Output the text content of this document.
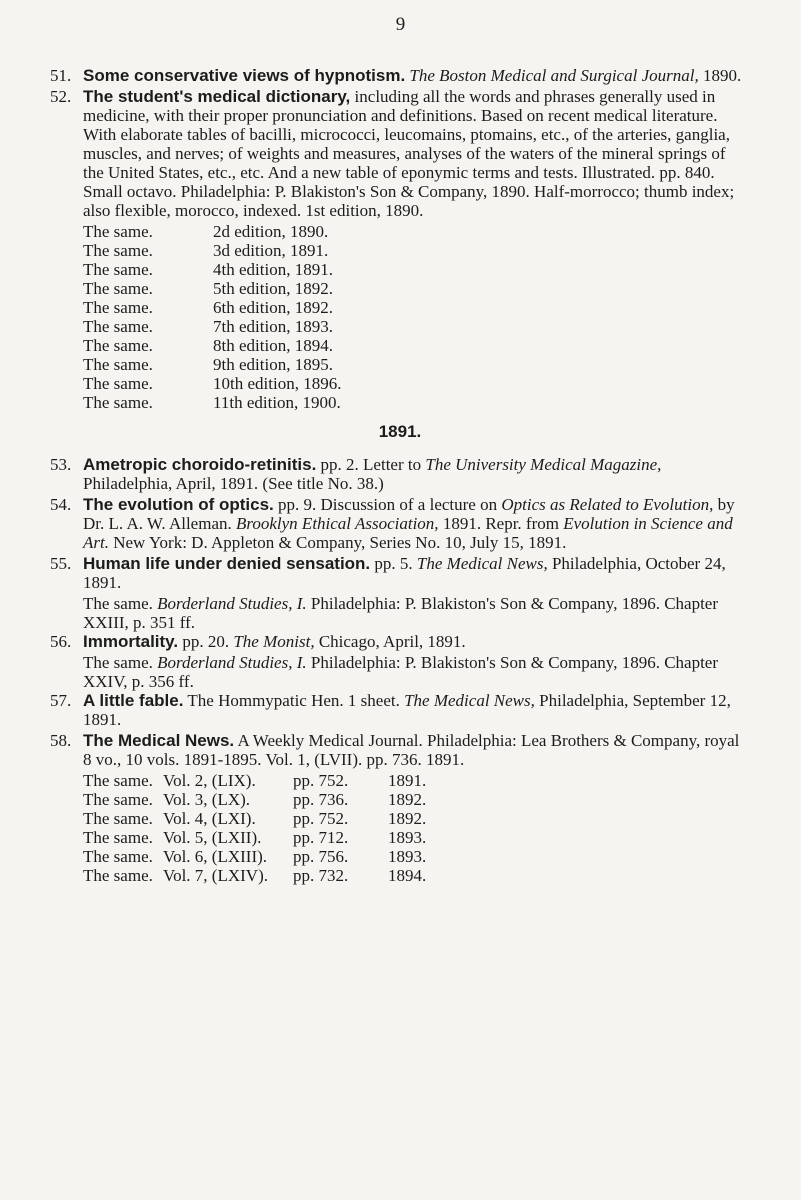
9
51. Some conservative views of hypnotism. The Boston Medical and Surgical Journal, 1890.
52. The student's medical dictionary, including all the words and phrases generally used in medicine, with their proper pronunciation and definitions. Based on recent medical literature. With elaborate tables of bacilli, micrococci, leucomains, ptomains, etc., of the arteries, ganglia, muscles, and nerves; of weights and measures, analyses of the waters of the mineral springs of the United States, etc., etc. And a new table of eponymic terms and tests. Illustrated. pp. 840. Small octavo. Philadelphia: P. Blakiston's Son & Company, 1890. Half-morrocco; thumb index; also flexible, morocco, indexed. 1st edition, 1890.
The same.	2d edition, 1890.
The same.	3d edition, 1891.
The same.	4th edition, 1891.
The same.	5th edition, 1892.
The same.	6th edition, 1892.
The same.	7th edition, 1893.
The same.	8th edition, 1894.
The same.	9th edition, 1895.
The same.	10th edition, 1896.
The same.	11th edition, 1900.
1891.
53. Ametropic choroido-retinitis. pp. 2. Letter to The University Medical Magazine, Philadelphia, April, 1891. (See title No. 38.)
54. The evolution of optics. pp. 9. Discussion of a lecture on Optics as Related to Evolution, by Dr. L. A. W. Alleman. Brooklyn Ethical Association, 1891. Repr. from Evolution in Science and Art. New York: D. Appleton & Company, Series No. 10, July 15, 1891.
55. Human life under denied sensation. pp. 5. The Medical News, Philadelphia, October 24, 1891.
The same. Borderland Studies, I. Philadelphia: P. Blakiston's Son & Company, 1896. Chapter XXIII, p. 351 ff.
56. Immortality. pp. 20. The Monist, Chicago, April, 1891.
The same. Borderland Studies, I. Philadelphia: P. Blakiston's Son & Company, 1896. Chapter XXIV, p. 356 ff.
57. A little fable. The Hommypatic Hen. 1 sheet. The Medical News, Philadelphia, September 12, 1891.
58. The Medical News. A Weekly Medical Journal. Philadelphia: Lea Brothers & Company, royal 8 vo., 10 vols. 1891-1895. Vol. 1, (LVII). pp. 736. 1891.
The same. Vol. 2, (LIX).	pp. 752.	1891.
The same. Vol. 3, (LX).	pp. 736.	1892.
The same. Vol. 4, (LXI).	pp. 752.	1892.
The same. Vol. 5, (LXII).	pp. 712.	1893.
The same. Vol. 6, (LXIII).	pp. 756.	1893.
The same. Vol. 7, (LXIV).	pp. 732.	1894.
